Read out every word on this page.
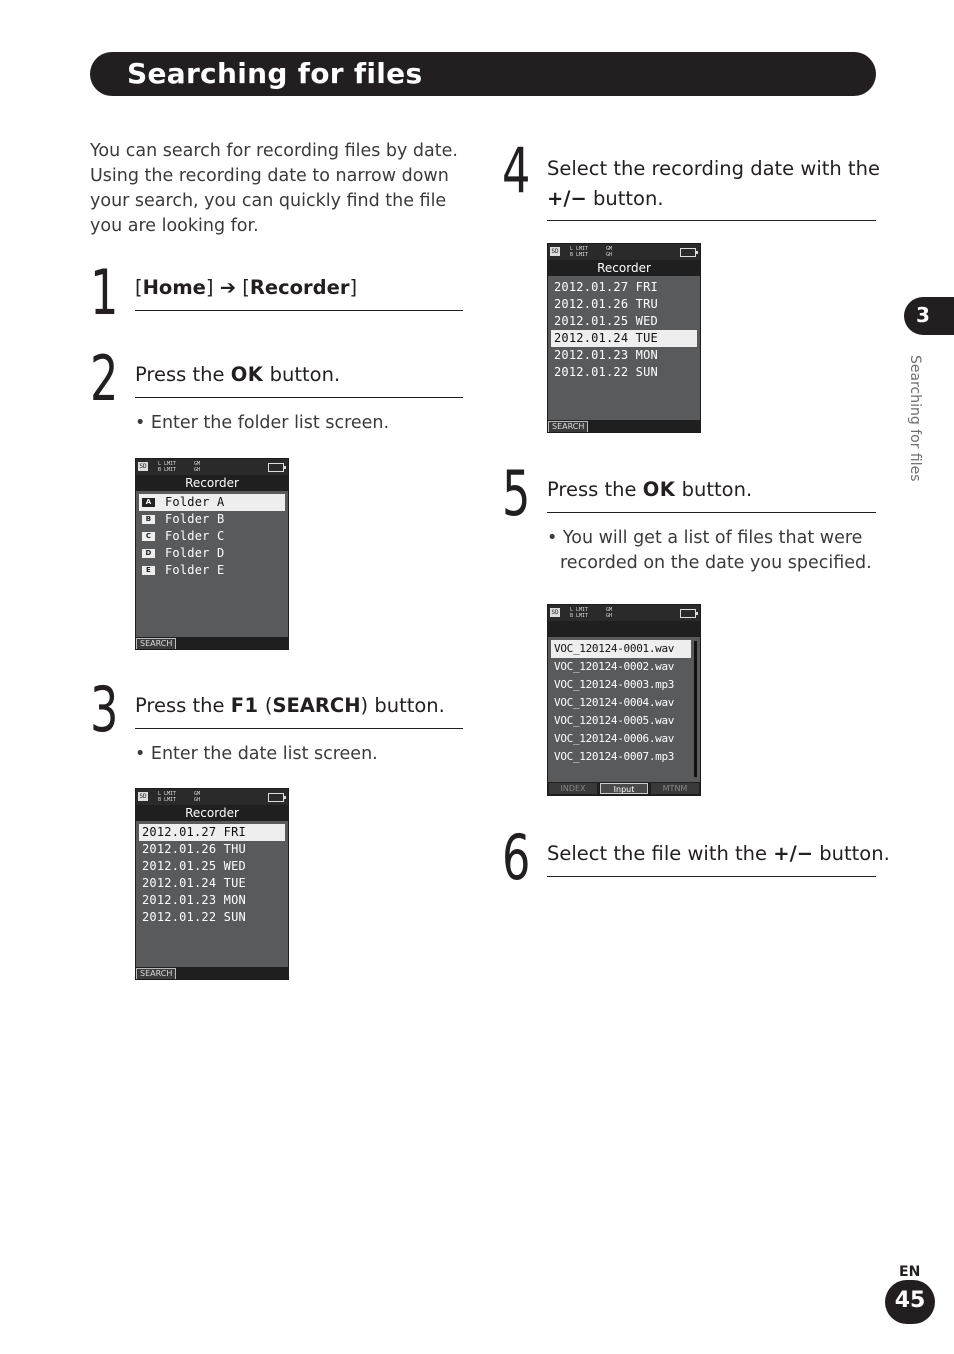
Searching for files
You can search for recording files by date. Using the recording date to narrow down your search, you can quickly find the file you are looking for.
1 [Home] ➔ [Recorder]
2 Press the OK button.
• Enter the folder list screen.
SD L LMIT
B LMIT
GM
GH
Recorder
A Folder A
B Folder B
C Folder C
D Folder D
E Folder E
SEARCH
3 Press the F1 (SEARCH) button.
• Enter the date list screen.
SD L LMIT
B LMIT
GM
GH
Recorder
2012.01.27 FRI
2012.01.26 THU
2012.01.25 WED
2012.01.24 TUE
2012.01.23 MON
2012.01.22 SUN
SEARCH
4 Select the recording date with the
+/− button.
SD L LMIT
B LMIT
GM
GH
Recorder
2012.01.27 FRI
2012.01.26 TRU
2012.01.25 WED
2012.01.24 TUE
2012.01.23 MON
2012.01.22 SUN
SEARCH
5 Press the OK button.
• You will get a list of files that were
recorded on the date you specified.
SD L LMIT
B LMIT
GM
GH
VOC_120124-0001.wav
VOC_120124-0002.wav
VOC_120124-0003.mp3
VOC_120124-0004.wav
VOC_120124-0005.wav
VOC_120124-0006.wav
VOC_120124-0007.mp3
INDEX	Input	MTNM
6 Select the file with the +/− button.
3
Searching for files
EN
45
